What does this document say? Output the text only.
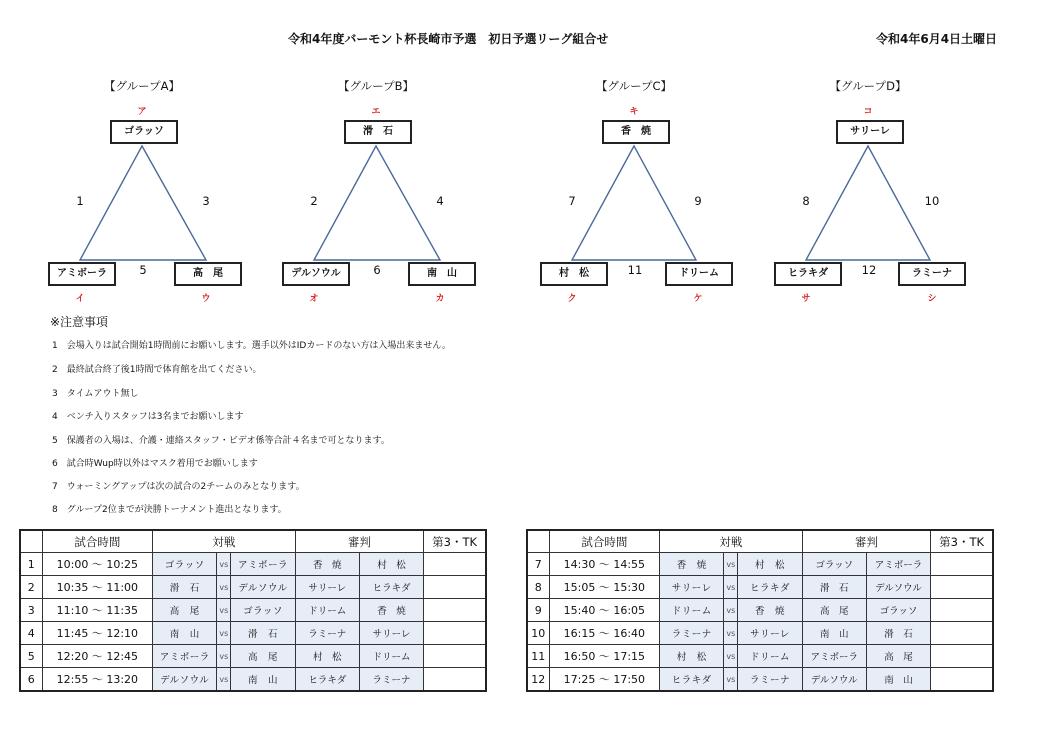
令和4年度バーモント杯長崎市予選　初日予選リーグ組合せ	令和4年6月4日土曜日
【グループA】
ア
ゴラッソ
1	3
5
アミボーラ	高　尾
イ	ウ
【グループB】
エ
滑　石
2	4
6
デルソウル	南　山
オ	カ
【グループC】
キ
香　焼
7	9
11
村　松	ドリーム
ク	ケ
【グループD】
コ
サリーレ
8	10
12
ヒラキダ	ラミーナ
サ	シ
※注意事項
1　会場入りは試合開始1時間前にお願いします。選手以外はIDカードのない方は入場出来ません。
2　最終試合終了後1時間で体育館を出てください。
3　タイムアウト無し
4　ベンチ入りスタッフは3名までお願いします
5　保護者の入場は、介護・連絡スタッフ・ビデオ係等合計４名まで可となります。
6　試合時Wup時以外はマスク着用でお願いします
7　ウォーミングアップは次の試合の2チームのみとなります。
8　グループ2位までが決勝トーナメント進出となります。
	試合時間	対戦			審判		第3・TK
1	10:00 ～ 10:25	ゴラッソ	vs	アミボーラ	香　焼	村　松	
2	10:35 ～ 11:00	滑　石	vs	デルソウル	サリーレ	ヒラキダ	
3	11:10 ～ 11:35	高　尾	vs	ゴラッソ	ドリーム	香　焼	
4	11:45 ～ 12:10	南　山	vs	滑　石	ラミーナ	サリーレ	
5	12:20 ～ 12:45	アミボーラ	vs	高　尾	村　松	ドリーム	
6	12:55 ～ 13:20	デルソウル	vs	南　山	ヒラキダ	ラミーナ	
	試合時間	対戦			審判		第3・TK
7	14:30 ～ 14:55	香　焼	vs	村　松	ゴラッソ	アミボーラ	
8	15:05 ～ 15:30	サリーレ	vs	ヒラキダ	滑　石	デルソウル	
9	15:40 ～ 16:05	ドリーム	vs	香　焼	高　尾	ゴラッソ	
10	16:15 ～ 16:40	ラミーナ	vs	サリーレ	南　山	滑　石	
11	16:50 ～ 17:15	村　松	vs	ドリーム	アミボーラ	高　尾	
12	17:25 ～ 17:50	ヒラキダ	vs	ラミーナ	デルソウル	南　山	
